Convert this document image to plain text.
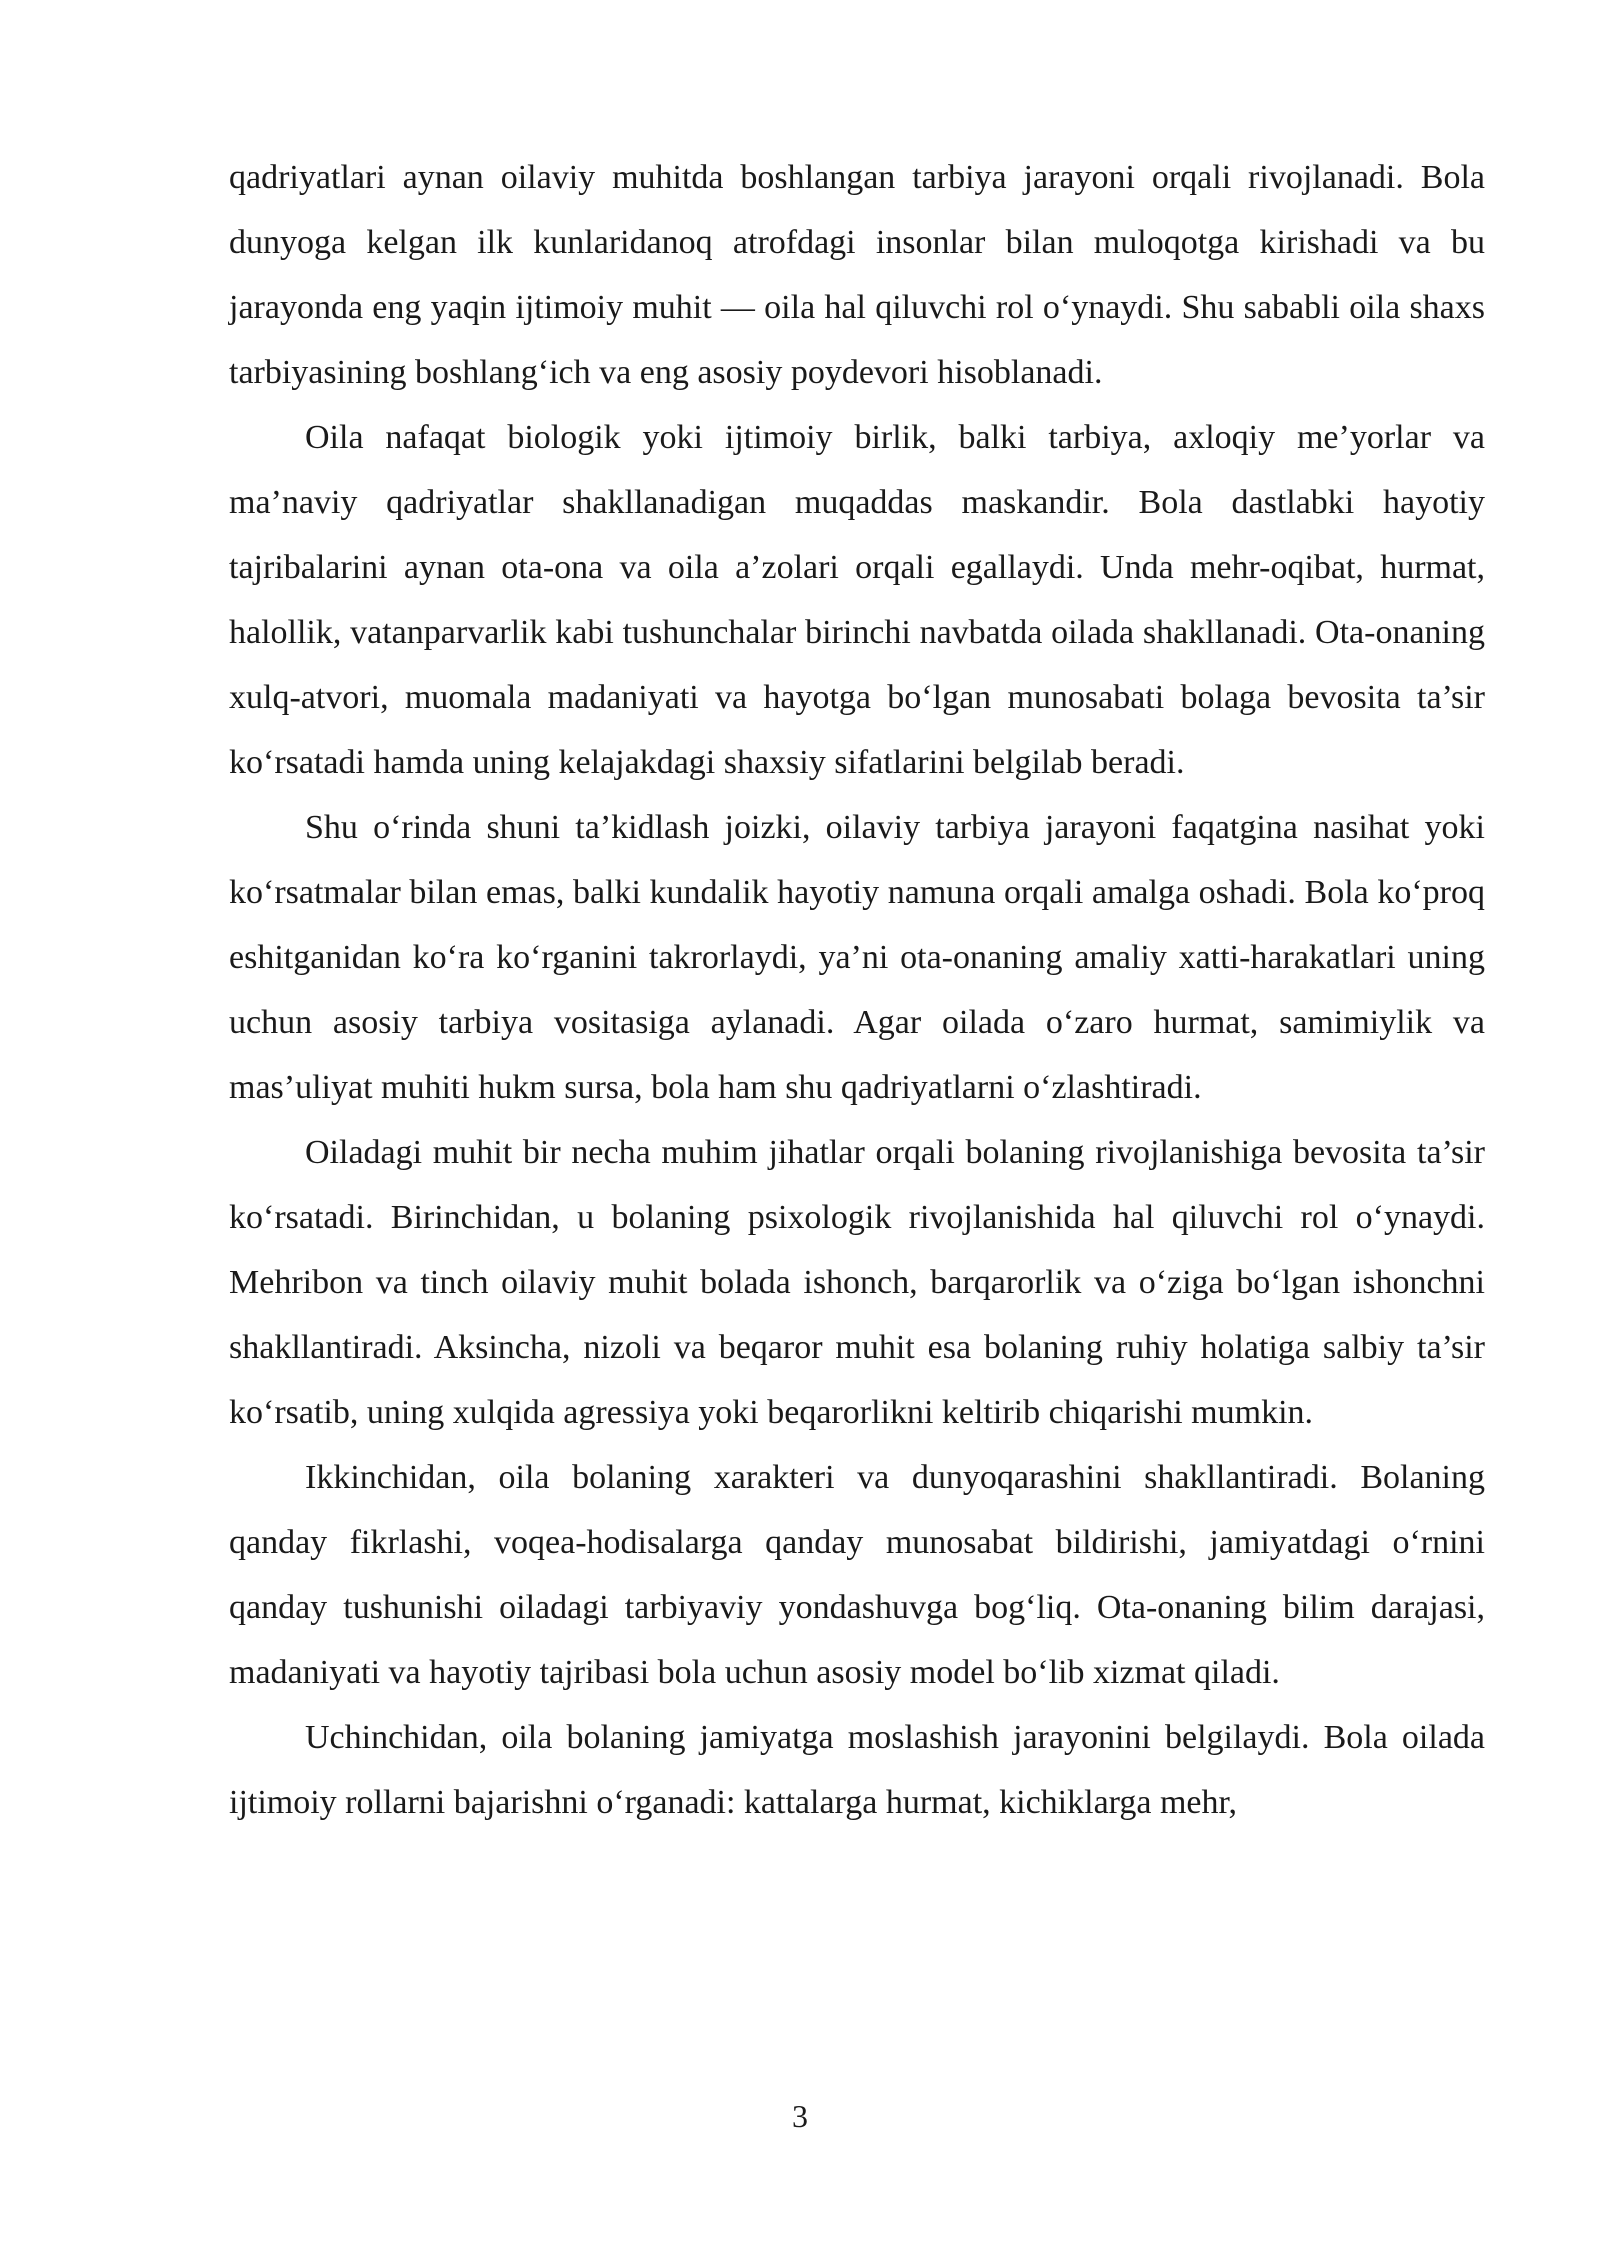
qadriyatlari aynan oilaviy muhitda boshlangan tarbiya jarayoni orqali rivojlanadi. Bola dunyoga kelgan ilk kunlaridanoq atrofdagi insonlar bilan muloqotga kirishadi va bu jarayonda eng yaqin ijtimoiy muhit — oila hal qiluvchi rol o‘ynaydi. Shu sababli oila shaxs tarbiyasining boshlang‘ich va eng asosiy poydevori hisoblanadi.

Oila nafaqat biologik yoki ijtimoiy birlik, balki tarbiya, axloqiy me’yorlar va ma’naviy qadriyatlar shakllanadigan muqaddas maskandir. Bola dastlabki hayotiy tajribalarini aynan ota-ona va oila a’zolari orqali egallaydi. Unda mehr-oqibat, hurmat, halollik, vatanparvarlik kabi tushunchalar birinchi navbatda oilada shakllanadi. Ota-onaning xulq-atvori, muomala madaniyati va hayotga bo‘lgan munosabati bolaga bevosita ta’sir ko‘rsatadi hamda uning kelajakdagi shaxsiy sifatlarini belgilab beradi.

Shu o‘rinda shuni ta’kidlash joizki, oilaviy tarbiya jarayoni faqatgina nasihat yoki ko‘rsatmalar bilan emas, balki kundalik hayotiy namuna orqali amalga oshadi. Bola ko‘proq eshitganidan ko‘ra ko‘rganini takrorlaydi, ya’ni ota-onaning amaliy xatti-harakatlari uning uchun asosiy tarbiya vositasiga aylanadi. Agar oilada o‘zaro hurmat, samimiylik va mas’uliyat muhiti hukm sursa, bola ham shu qadriyatlarni o‘zlashtiradi.

Oiladagi muhit bir necha muhim jihatlar orqali bolaning rivojlanishiga bevosita ta’sir ko‘rsatadi. Birinchidan, u bolaning psixologik rivojlanishida hal qiluvchi rol o‘ynaydi. Mehribon va tinch oilaviy muhit bolada ishonch, barqarorlik va o‘ziga bo‘lgan ishonchni shakllantiradi. Aksincha, nizoli va beqaror muhit esa bolaning ruhiy holatiga salbiy ta’sir ko‘rsatib, uning xulqida agressiya yoki beqarorlikni keltirib chiqarishi mumkin.

Ikkinchidan, oila bolaning xarakteri va dunyoqarashini shakllantiradi. Bolaning qanday fikrlashi, voqea-hodisalarga qanday munosabat bildirishi, jamiyatdagi o‘rnini qanday tushunishi oiladagi tarbiyaviy yondashuvga bog‘liq. Ota-onaning bilim darajasi, madaniyati va hayotiy tajribasi bola uchun asosiy model bo‘lib xizmat qiladi.

Uchinchidan, oila bolaning jamiyatga moslashish jarayonini belgilaydi. Bola oilada ijtimoiy rollarni bajarishni o‘rganadi: kattalarga hurmat, kichiklarga mehr,

3
